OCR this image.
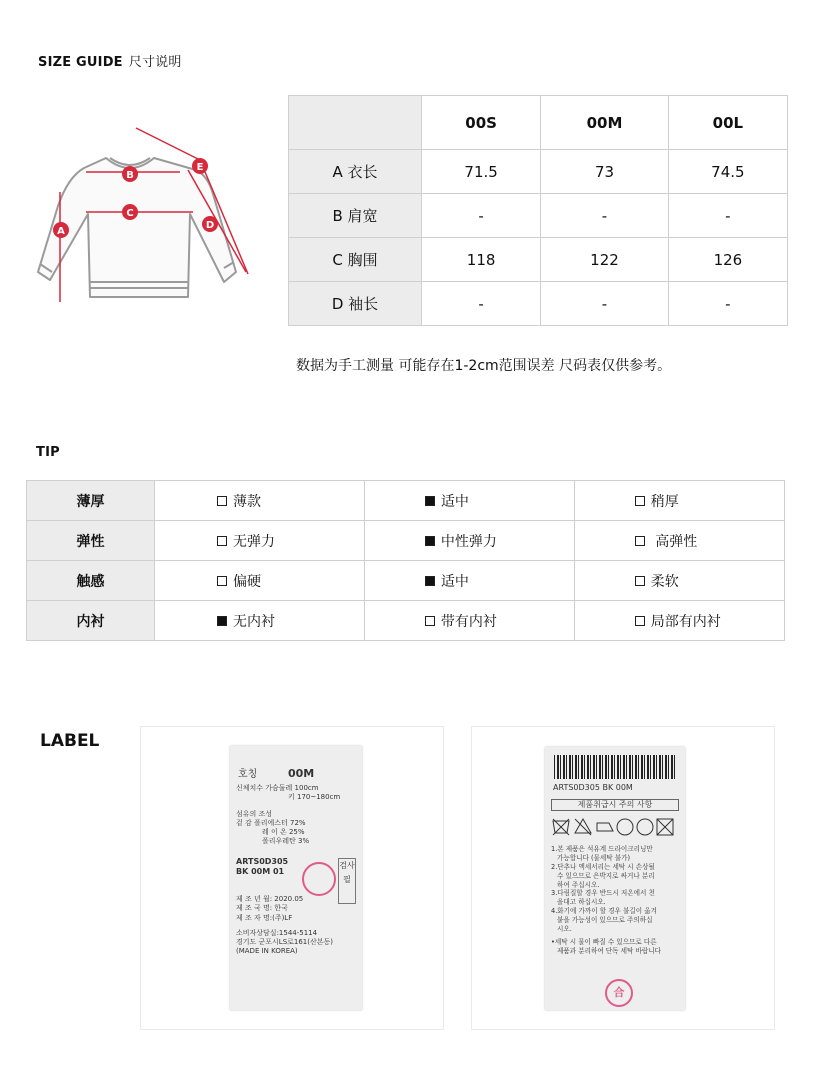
SIZE GUIDE 尺寸说明
A
B
C
D
E
	00S	00M	00L
A 衣长	71.5	73	74.5
B 肩宽	-	-	-
C 胸围	118	122	126
D 袖长	-	-	-
数据为手工测量 可能存在1-2cm范围误差 尺码表仅供参考。
TIP
薄厚	薄款	适中	稍厚

弹性	无弹力	中性弹力	高弹性

触感	偏硬	适中	柔软

内衬	无内衬	带有内衬	局部有内衬
LABEL
호칭	00M
신체치수 가슴둘레 100cm
키 170~180cm
섬유의 조성
겉 감 폴리에스터 72%
레 이 온 25%
폴리우레탄 3%
ARTS0D305
BK 00M 01
제 조 년 월: 2020.05
제 조 국 명: 한국
제 조 자 명:(주)LF
소비자상담실:1544-5114
경기도 군포시LS로161(산본동)
(MADE IN KOREA)
검사필
ARTS0D305 BK 00M
제품취급시 주의 사항
1.본 제품은 석유계 드라이크리닝만
가능합니다 (물세탁 불가)
2.단추나 액세서리는 세탁 시 손상될
수 있으므로 은박지로 싸거나 분리
하여 주십시오.
3.다림질할 경우 반드시 저온에서 천
을대고 하십시오.
4.화기에 가까이 할 경우 불길이 옮겨
붙을 가능성이 있으므로 주의하십
시오.
•세탁 시 물이 빠질 수 있으므로 다른
제품과 분리하여 단독 세탁 바랍니다
合
